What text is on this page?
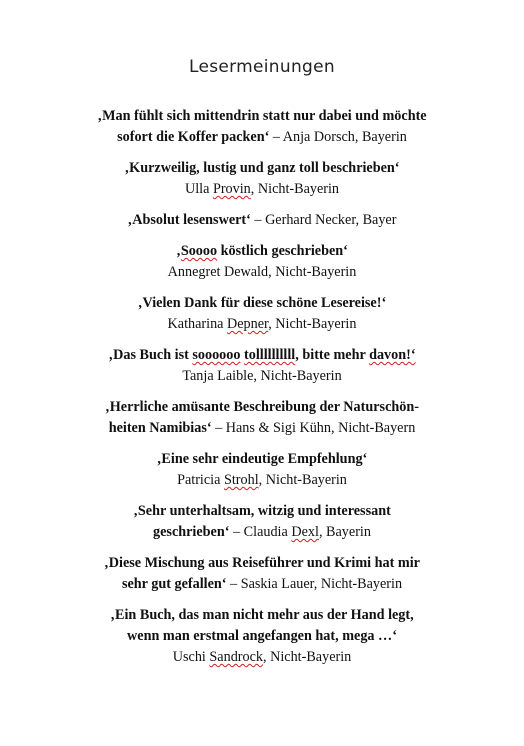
Lesermeinungen
‚Man fühlt sich mittendrin statt nur dabei und möchte
sofort die Koffer packen‘ – Anja Dorsch, Bayerin
‚Kurzweilig, lustig und ganz toll beschrieben‘
Ulla Provin, Nicht-Bayerin
‚Absolut lesenswert‘ – Gerhard Necker, Bayer
‚Soooo köstlich geschrieben‘
Annegret Dewald, Nicht-Bayerin
‚Vielen Dank für diese schöne Lesereise!‘
Katharina Depner, Nicht-Bayerin
‚Das Buch ist soooooo tollllllllll, bitte mehr davon!‘
Tanja Laible, Nicht-Bayerin
‚Herrliche amüsante Beschreibung der Naturschön-
heiten Namibias‘ – Hans & Sigi Kühn, Nicht-Bayern
‚Eine sehr eindeutige Empfehlung‘
Patricia Strohl, Nicht-Bayerin
‚Sehr unterhaltsam, witzig und interessant
geschrieben‘ – Claudia Dexl, Bayerin
‚Diese Mischung aus Reiseführer und Krimi hat mir
sehr gut gefallen‘ – Saskia Lauer, Nicht-Bayerin
‚Ein Buch, das man nicht mehr aus der Hand legt,
wenn man erstmal angefangen hat, mega …‘
Uschi Sandrock, Nicht-Bayerin
